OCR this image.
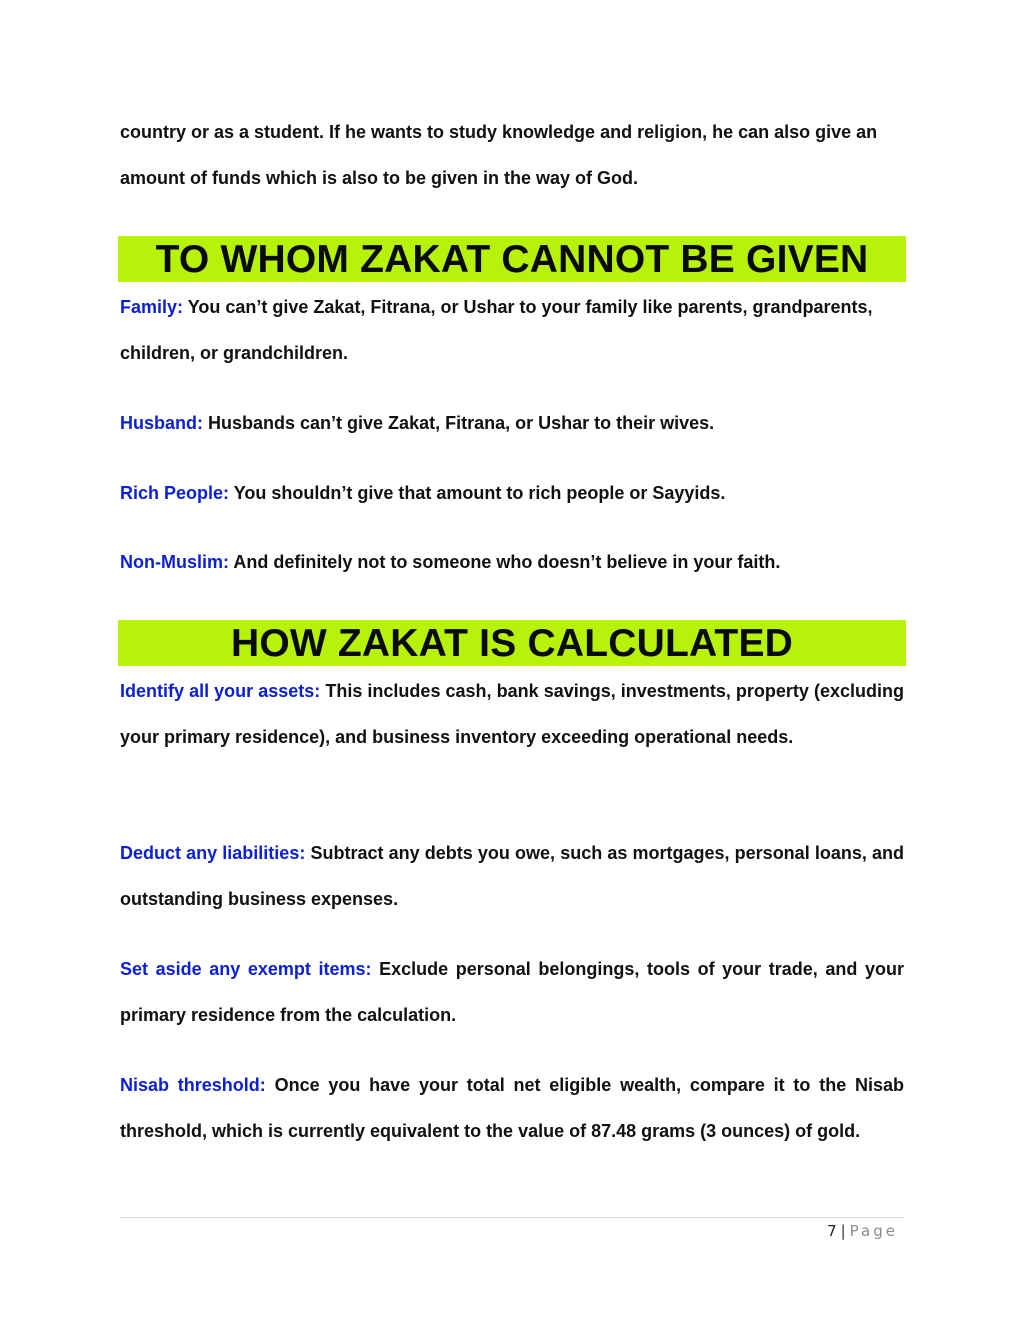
country or as a student. If he wants to study knowledge and religion, he can also give an amount of funds which is also to be given in the way of God.

TO WHOM ZAKAT CANNOT BE GIVEN

Family: You can’t give Zakat, Fitrana, or Ushar to your family like parents, grandparents, children, or grandchildren.

Husband: Husbands can’t give Zakat, Fitrana, or Ushar to their wives.

Rich People: You shouldn’t give that amount to rich people or Sayyids.

Non-Muslim: And definitely not to someone who doesn’t believe in your faith.

HOW ZAKAT IS CALCULATED

Identify all your assets: This includes cash, bank savings, investments, property (excluding your primary residence), and business inventory exceeding operational needs.

Deduct any liabilities: Subtract any debts you owe, such as mortgages, personal loans, and outstanding business expenses.

Set aside any exempt items: Exclude personal belongings, tools of your trade, and your primary residence from the calculation.

Nisab threshold: Once you have your total net eligible wealth, compare it to the Nisab threshold, which is currently equivalent to the value of 87.48 grams (3 ounces) of gold.

7 | Page
